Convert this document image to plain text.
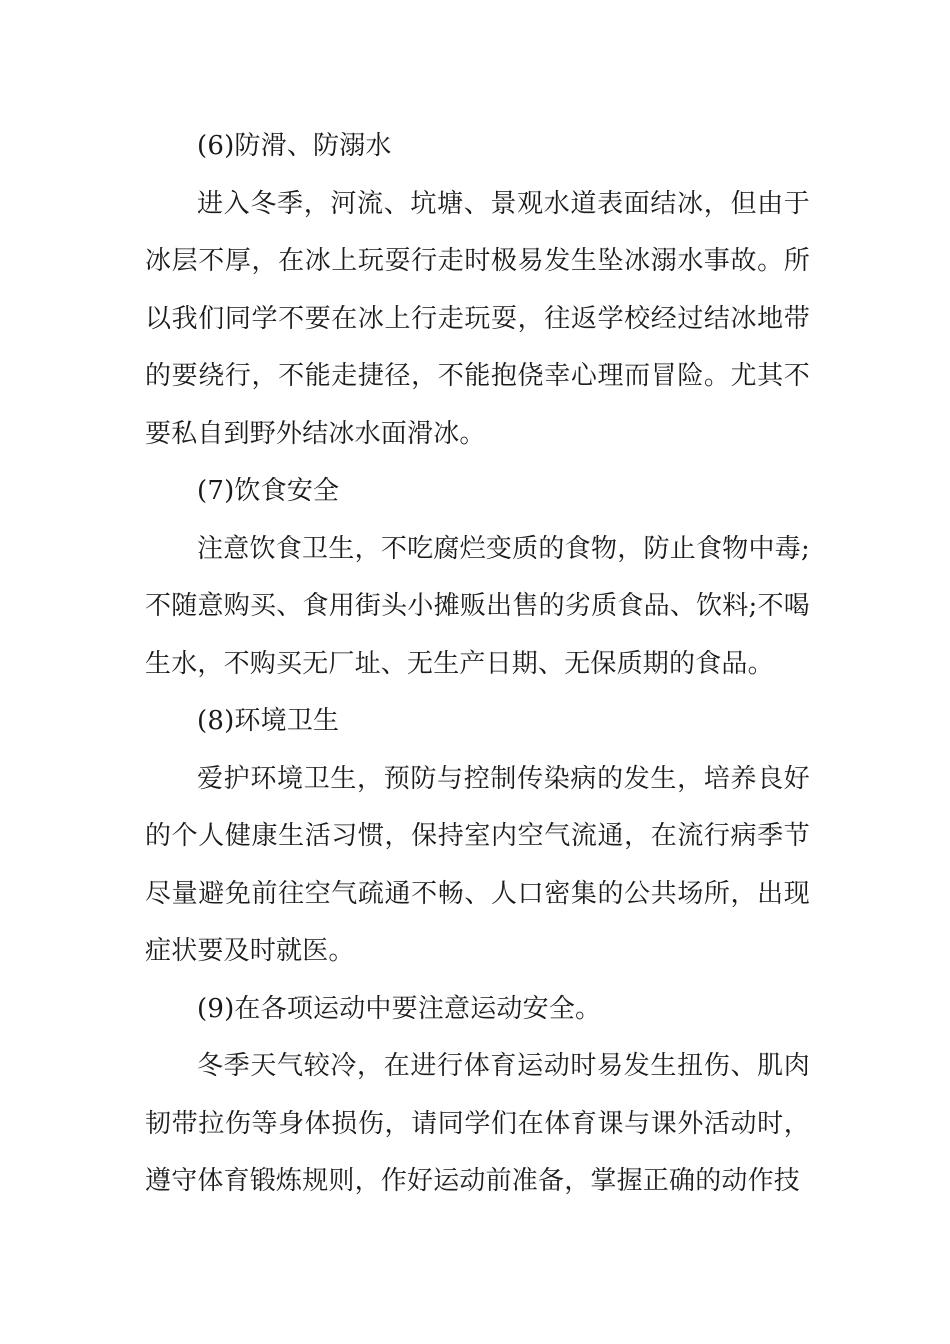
(6)防滑、防溺水

进入冬季，河流、坑塘、景观水道表面结冰，但由于冰层不厚，在冰上玩耍行走时极易发生坠冰溺水事故。所以我们同学不要在冰上行走玩耍，往返学校经过结冰地带的要绕行，不能走捷径，不能抱侥幸心理而冒险。尤其不要私自到野外结冰水面滑冰。

(7)饮食安全

注意饮食卫生，不吃腐烂变质的食物，防止食物中毒;不随意购买、食用街头小摊贩出售的劣质食品、饮料;不喝生水，不购买无厂址、无生产日期、无保质期的食品。

(8)环境卫生

爱护环境卫生，预防与控制传染病的发生，培养良好的个人健康生活习惯，保持室内空气流通，在流行病季节尽量避免前往空气疏通不畅、人口密集的公共场所，出现症状要及时就医。

(9)在各项运动中要注意运动安全。

冬季天气较冷，在进行体育运动时易发生扭伤、肌肉韧带拉伤等身体损伤，请同学们在体育课与课外活动时，遵守体育锻炼规则，作好运动前准备，掌握正确的动作技
